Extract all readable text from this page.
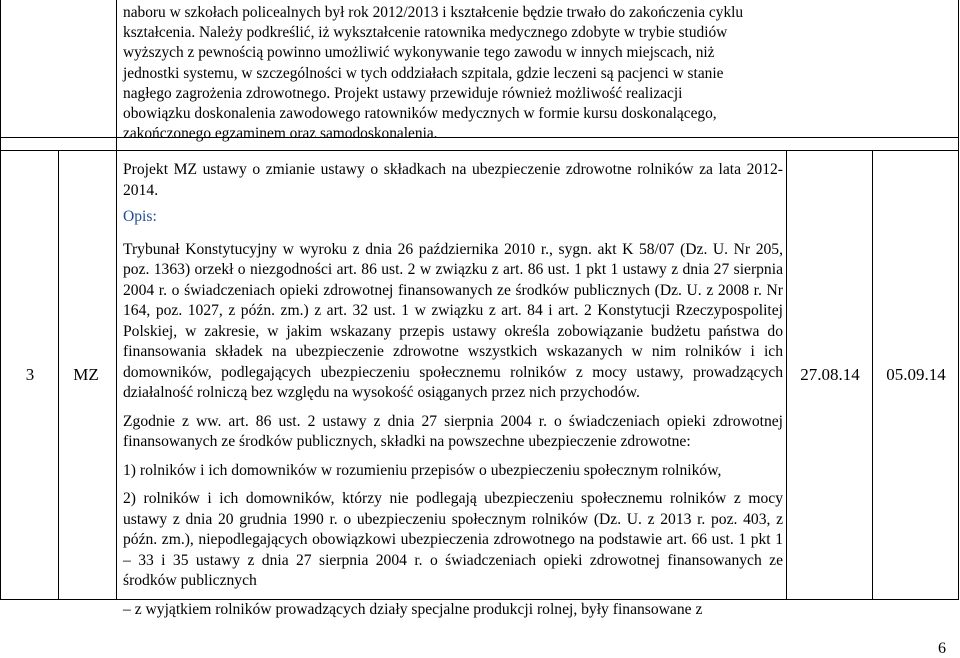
naboru w szkołach policealnych był rok 2012/2013 i kształcenie będzie trwało do zakończenia cyklu
kształcenia. Należy podkreślić, iż wykształcenie ratownika medycznego zdobyte w trybie studiów
wyższych z pewnością powinno umożliwić wykonywanie tego zawodu w innych miejscach, niż
jednostki systemu, w szczególności w tych oddziałach szpitala, gdzie leczeni są pacjenci w stanie
nagłego zagrożenia zdrowotnego. Projekt ustawy przewiduje również możliwość realizacji
obowiązku doskonalenia zawodowego ratowników medycznych w formie kursu doskonalącego,
zakończonego egzaminem oraz samodoskonalenia.
3	MZ

Projekt MZ ustawy o zmianie ustawy o składkach na ubezpieczenie zdrowotne rolników za lata 2012-2014.

Opis:

Trybunał Konstytucyjny w wyroku z dnia 26 października 2010 r., sygn. akt K 58/07 (Dz. U. Nr 205, poz. 1363) orzekł o niezgodności art. 86 ust. 2 w związku z art. 86 ust. 1 pkt 1 ustawy z dnia 27 sierpnia 2004 r. o świadczeniach opieki zdrowotnej finansowanych ze środków publicznych (Dz. U. z 2008 r. Nr 164, poz. 1027, z późn. zm.) z art. 32 ust. 1 w związku z art. 84 i art. 2 Konstytucji Rzeczypospolitej Polskiej, w zakresie, w jakim wskazany przepis ustawy określa zobowiązanie budżetu państwa do finansowania składek na ubezpieczenie zdrowotne wszystkich wskazanych w nim rolników i ich domowników, podlegających ubezpieczeniu społecznemu rolników z mocy ustawy, prowadzących działalność rolniczą bez względu na wysokość osiąganych przez nich przychodów.

Zgodnie z ww. art. 86 ust. 2 ustawy z dnia 27 sierpnia 2004 r. o świadczeniach opieki zdrowotnej finansowanych ze środków publicznych, składki na powszechne ubezpieczenie zdrowotne:

1) rolników i ich domowników w rozumieniu przepisów o ubezpieczeniu społecznym rolników,

2) rolników i ich domowników, którzy nie podlegają ubezpieczeniu społecznemu rolników z mocy ustawy z dnia 20 grudnia 1990 r. o ubezpieczeniu społecznym rolników (Dz. U. z 2013 r. poz. 403, z późn. zm.), niepodlegających obowiązkowi ubezpieczenia zdrowotnego na podstawie art. 66 ust. 1 pkt 1 – 33 i 35 ustawy z dnia 27 sierpnia 2004 r. o świadczeniach opieki zdrowotnej finansowanych ze środków publicznych

– z wyjątkiem rolników prowadzących działy specjalne produkcji rolnej, były finansowane z

27.08.14	05.09.14
6
